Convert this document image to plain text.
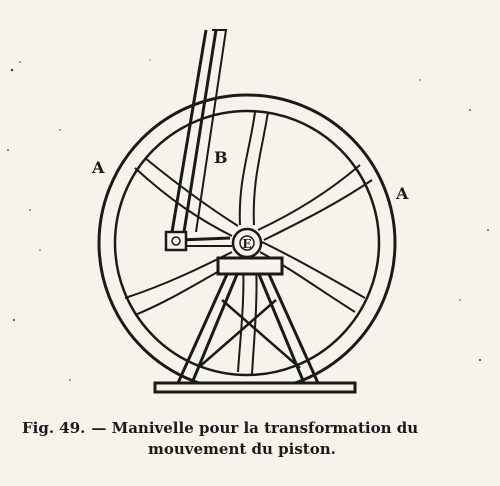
E
A
A
B
Fig. 49. — Manivelle pour la transformation du
mouvement du piston.
